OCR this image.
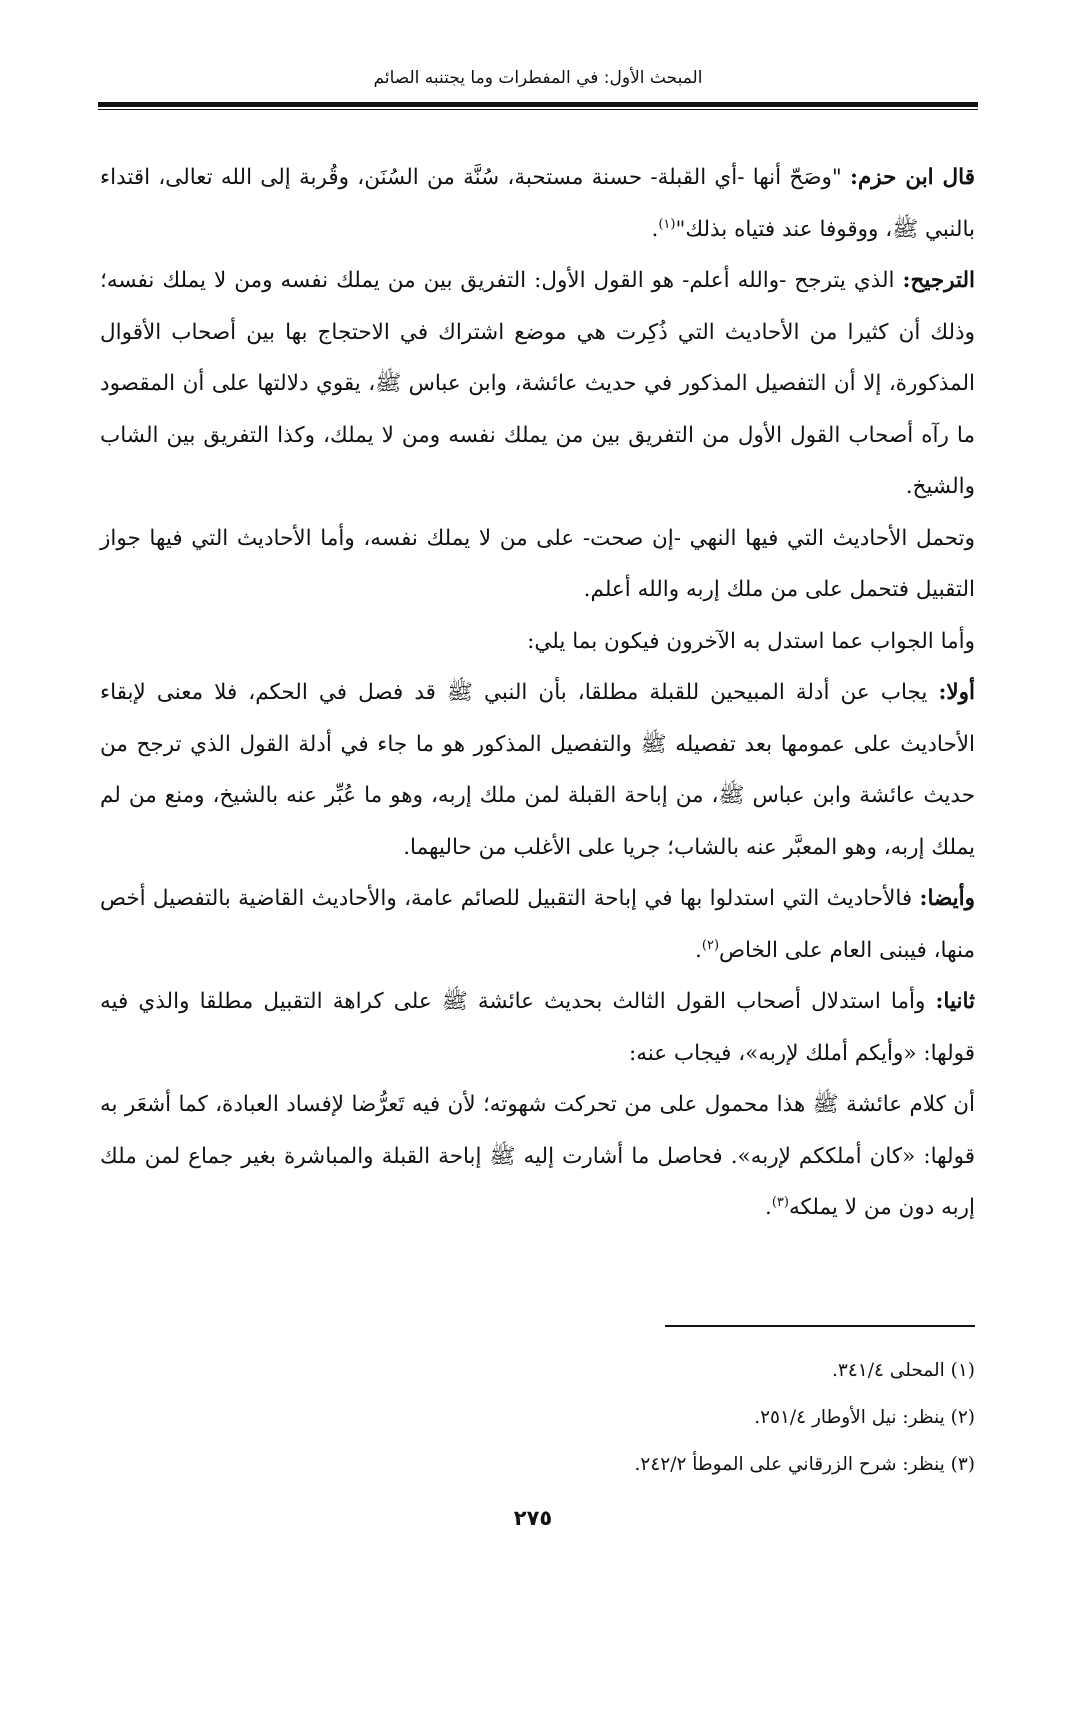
المبحث الأول: في المفطرات وما يجتنبه الصائم

قال ابن حزم: "وصَحّ أنها -أي القبلة- حسنة مستحبة، سُنَّة من السُنَن، وقُربة إلى الله تعالى، اقتداء بالنبي ﷺ، ووقوفا عند فتياه بذلك"$^{(١)}$.

الترجيح: الذي يترجح -والله أعلم- هو القول الأول: التفريق بين من يملك نفسه ومن لا يملك نفسه؛ وذلك أن كثيرا من الأحاديث التي ذُكِرت هي موضع اشتراك في الاحتجاج بها بين أصحاب الأقوال المذكورة، إلا أن التفصيل المذكور في حديث عائشة، وابن عباس ﷺ، يقوي دلالتها على أن المقصود ما رآه أصحاب القول الأول من التفريق بين من يملك نفسه ومن لا يملك، وكذا التفريق بين الشاب والشيخ.

وتحمل الأحاديث التي فيها النهي -إن صحت- على من لا يملك نفسه، وأما الأحاديث التي فيها جواز التقبيل فتحمل على من ملك إربه والله أعلم.

وأما الجواب عما استدل به الآخرون فيكون بما يلي:

أولا: يجاب عن أدلة المبيحين للقبلة مطلقا، بأن النبي ﷺ قد فصل في الحكم، فلا معنى لإبقاء الأحاديث على عمومها بعد تفصيله ﷺ والتفصيل المذكور هو ما جاء في أدلة القول الذي ترجح من حديث عائشة وابن عباس ﷺ، من إباحة القبلة لمن ملك إربه، وهو ما عُبِّر عنه بالشيخ، ومنع من لم يملك إربه، وهو المعبَّر عنه بالشاب؛ جريا على الأغلب من حاليهما.

وأيضا: فالأحاديث التي استدلوا بها في إباحة التقبيل للصائم عامة، والأحاديث القاضية بالتفصيل أخص منها، فيبنى العام على الخاص$^{(٢)}$.

ثانيا: وأما استدلال أصحاب القول الثالث بحديث عائشة ﷺ على كراهة التقبيل مطلقا والذي فيه قولها: «وأيكم أملك لإربه»، فيجاب عنه:

أن كلام عائشة ﷺ هذا محمول على من تحركت شهوته؛ لأن فيه تَعرُّضا لإفساد العبادة، كما أشعَر به قولها: «كان أملككم لإربه». فحاصل ما أشارت إليه ﷺ إباحة القبلة والمباشرة بغير جماع لمن ملك إربه دون من لا يملكه$^{(٣)}$.

(١) المحلى ٣٤١/٤.

(٢) ينظر: نيل الأوطار ٢٥١/٤.

(٣) ينظر: شرح الزرقاني على الموطأ ٢٤٢/٢.

٢٧٥
